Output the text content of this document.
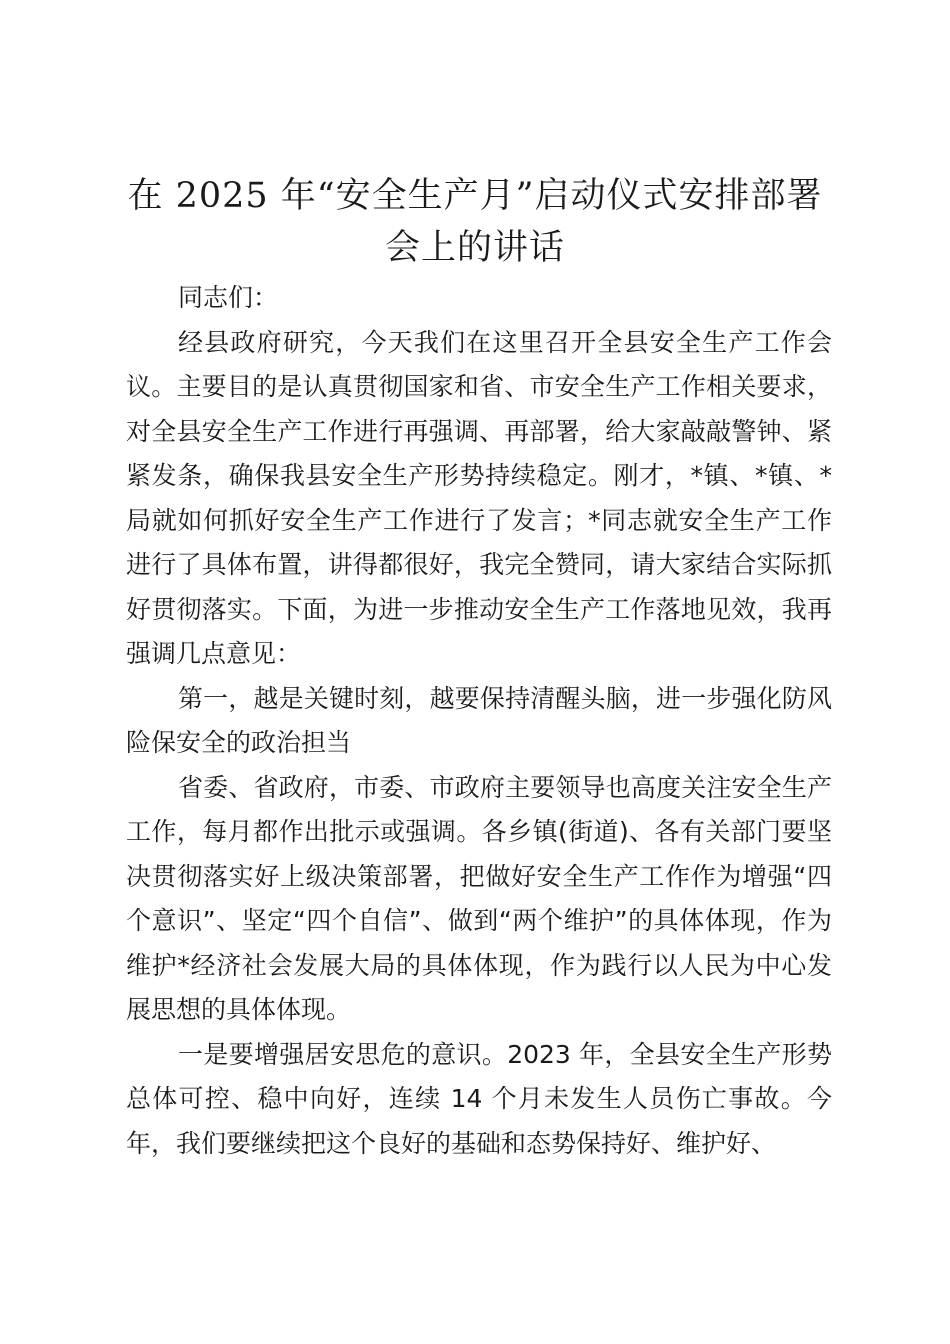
在 2025 年“安全生产月”启动仪式安排部署
会上的讲话

同志们：

经县政府研究，今天我们在这里召开全县安全生产工作会议。主要目的是认真贯彻国家和省、市安全生产工作相关要求，对全县安全生产工作进行再强调、再部署，给大家敲敲警钟、紧紧发条，确保我县安全生产形势持续稳定。刚才，*镇、*镇、*局就如何抓好安全生产工作进行了发言；*同志就安全生产工作进行了具体布置，讲得都很好，我完全赞同，请大家结合实际抓好贯彻落实。下面，为进一步推动安全生产工作落地见效，我再强调几点意见：

第一，越是关键时刻，越要保持清醒头脑，进一步强化防风险保安全的政治担当

省委、省政府，市委、市政府主要领导也高度关注安全生产工作，每月都作出批示或强调。各乡镇(街道)、各有关部门要坚决贯彻落实好上级决策部署，把做好安全生产工作作为增强“四个意识”、坚定“四个自信”、做到“两个维护”的具体体现，作为维护*经济社会发展大局的具体体现，作为践行以人民为中心发展思想的具体体现。

一是要增强居安思危的意识。2023 年，全县安全生产形势总体可控、稳中向好，连续 14 个月未发生人员伤亡事故。今年，我们要继续把这个良好的基础和态势保持好、维护好、
